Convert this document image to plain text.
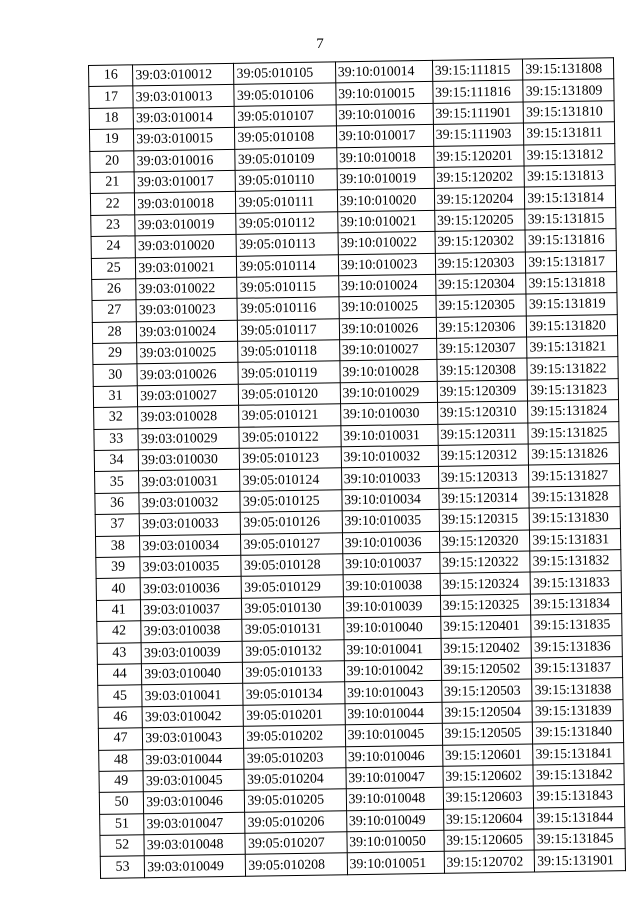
7
16	39:03:010012	39:05:010105	39:10:010014	39:15:111815	39:15:131808
17	39:03:010013	39:05:010106	39:10:010015	39:15:111816	39:15:131809
18	39:03:010014	39:05:010107	39:10:010016	39:15:111901	39:15:131810
19	39:03:010015	39:05:010108	39:10:010017	39:15:111903	39:15:131811
20	39:03:010016	39:05:010109	39:10:010018	39:15:120201	39:15:131812
21	39:03:010017	39:05:010110	39:10:010019	39:15:120202	39:15:131813
22	39:03:010018	39:05:010111	39:10:010020	39:15:120204	39:15:131814
23	39:03:010019	39:05:010112	39:10:010021	39:15:120205	39:15:131815
24	39:03:010020	39:05:010113	39:10:010022	39:15:120302	39:15:131816
25	39:03:010021	39:05:010114	39:10:010023	39:15:120303	39:15:131817
26	39:03:010022	39:05:010115	39:10:010024	39:15:120304	39:15:131818
27	39:03:010023	39:05:010116	39:10:010025	39:15:120305	39:15:131819
28	39:03:010024	39:05:010117	39:10:010026	39:15:120306	39:15:131820
29	39:03:010025	39:05:010118	39:10:010027	39:15:120307	39:15:131821
30	39:03:010026	39:05:010119	39:10:010028	39:15:120308	39:15:131822
31	39:03:010027	39:05:010120	39:10:010029	39:15:120309	39:15:131823
32	39:03:010028	39:05:010121	39:10:010030	39:15:120310	39:15:131824
33	39:03:010029	39:05:010122	39:10:010031	39:15:120311	39:15:131825
34	39:03:010030	39:05:010123	39:10:010032	39:15:120312	39:15:131826
35	39:03:010031	39:05:010124	39:10:010033	39:15:120313	39:15:131827
36	39:03:010032	39:05:010125	39:10:010034	39:15:120314	39:15:131828
37	39:03:010033	39:05:010126	39:10:010035	39:15:120315	39:15:131830
38	39:03:010034	39:05:010127	39:10:010036	39:15:120320	39:15:131831
39	39:03:010035	39:05:010128	39:10:010037	39:15:120322	39:15:131832
40	39:03:010036	39:05:010129	39:10:010038	39:15:120324	39:15:131833
41	39:03:010037	39:05:010130	39:10:010039	39:15:120325	39:15:131834
42	39:03:010038	39:05:010131	39:10:010040	39:15:120401	39:15:131835
43	39:03:010039	39:05:010132	39:10:010041	39:15:120402	39:15:131836
44	39:03:010040	39:05:010133	39:10:010042	39:15:120502	39:15:131837
45	39:03:010041	39:05:010134	39:10:010043	39:15:120503	39:15:131838
46	39:03:010042	39:05:010201	39:10:010044	39:15:120504	39:15:131839
47	39:03:010043	39:05:010202	39:10:010045	39:15:120505	39:15:131840
48	39:03:010044	39:05:010203	39:10:010046	39:15:120601	39:15:131841
49	39:03:010045	39:05:010204	39:10:010047	39:15:120602	39:15:131842
50	39:03:010046	39:05:010205	39:10:010048	39:15:120603	39:15:131843
51	39:03:010047	39:05:010206	39:10:010049	39:15:120604	39:15:131844
52	39:03:010048	39:05:010207	39:10:010050	39:15:120605	39:15:131845
53	39:03:010049	39:05:010208	39:10:010051	39:15:120702	39:15:131901
